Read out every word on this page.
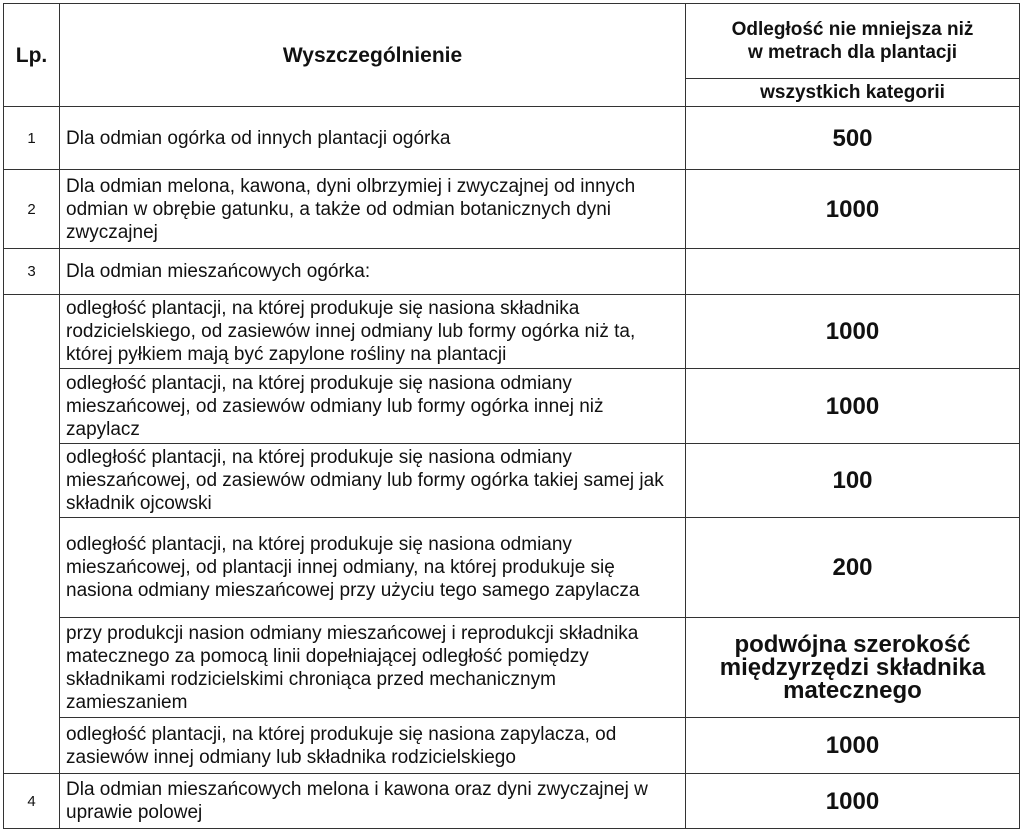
Lp.	Wyszczególnienie	Odległość nie mniejsza niż
w metrach dla plantacji

		wszystkich kategorii
1	Dla odmian ogórka od innych plantacji ogórka	500
2	Dla odmian melona, kawona, dyni olbrzymiej i zwyczajnej od innych odmian w obrębie gatunku, a także od odmian botanicznych dyni zwyczajnej	1000
3	Dla odmian mieszańcowych ogórka:	
	odległość plantacji, na której produkuje się nasiona składnika rodzicielskiego, od zasiewów innej odmiany lub formy ogórka niż ta, której pyłkiem mają być zapylone rośliny na plantacji	1000
	odległość plantacji, na której produkuje się nasiona odmiany mieszańcowej, od zasiewów odmiany lub formy ogórka innej niż zapylacz	1000
	odległość plantacji, na której produkuje się nasiona odmiany mieszańcowej, od zasiewów odmiany lub formy ogórka takiej samej jak składnik ojcowski	100
	odległość plantacji, na której produkuje się nasiona odmiany mieszańcowej, od plantacji innej odmiany, na której produkuje się nasiona odmiany mieszańcowej przy użyciu tego samego zapylacza	200
	przy produkcji nasion odmiany mieszańcowej i reprodukcji składnika matecznego za pomocą linii dopełniającej odległość pomiędzy składnikami rodzicielskimi chroniąca przed mechanicznym zamieszaniem	podwójna szerokość międzyrzędzi składnika matecznego
	odległość plantacji, na której produkuje się nasiona zapylacza, od zasiewów innej odmiany lub składnika rodzicielskiego	1000
4	Dla odmian mieszańcowych melona i kawona oraz dyni zwyczajnej w uprawie polowej	1000
